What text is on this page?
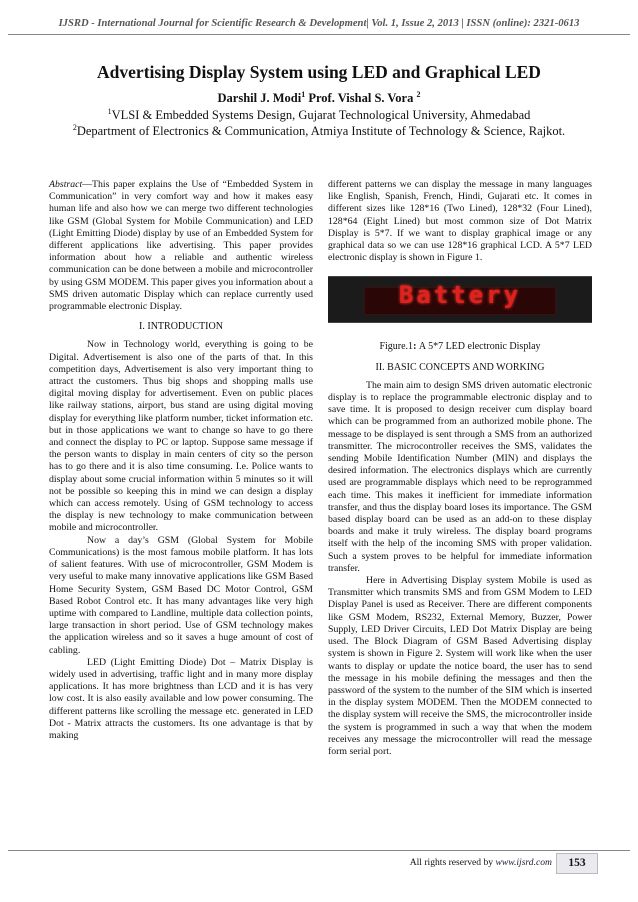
IJSRD - International Journal for Scientific Research & Development| Vol. 1, Issue 2, 2013 | ISSN (online): 2321-0613
Advertising Display System using LED and Graphical LED
Darshil J. Modi$^1$ Prof. Vishal S. Vora $^2$
$^1$VLSI & Embedded Systems Design, Gujarat Technological University, Ahmedabad
$^2$Department of Electronics & Communication, Atmiya Institute of Technology & Science, Rajkot.

Abstract—This paper explains the Use of “Embedded System in Communication” in very comfort way and how it makes easy human life and also how we can merge two different technologies like GSM (Global System for Mobile Communication) and LED (Light Emitting Diode) display by use of an Embedded System for different applications like advertising. This paper provides information about how a reliable and authentic wireless communication can be done between a mobile and microcontroller by using GSM MODEM. This paper gives you information about a SMS driven automatic Display which can replace currently used programmable electronic Display.

I. INTRODUCTION

Now in Technology world, everything is going to be Digital. Advertisement is also one of the parts of that. In this competition days, Advertisement is also very important thing to attract the customers. Thus big shops and shopping malls use digital moving display for advertisement. Even on public places like railway stations, airport, bus stand are using digital moving display for everything like platform number, ticket information etc. but in those applications we want to change so have to go there and connect the display to PC or laptop. Suppose same message if the person wants to display in main centers of city so the person has to go there and it is also time consuming. I.e. Police wants to display about some crucial information within 5 minutes so it will not be possible so keeping this in mind we can design a display which can access remotely. Using of GSM technology to access the display is new technology to make communication between mobile and microcontroller.

Now a day’s GSM (Global System for Mobile Communications) is the most famous mobile platform. It has lots of salient features. With use of microcontroller, GSM Modem is very useful to make many innovative applications like GSM Based Home Security System, GSM Based DC Motor Control, GSM Based Robot Control etc. It has many advantages like very high uptime with compared to Landline, multiple data collection points, large transaction in short period. Use of GSM technology makes the application wireless and so it saves a huge amount of cost of cabling.

LED (Light Emitting Diode) Dot – Matrix Display is widely used in advertising, traffic light and in many more display applications. It has more brightness than LCD and it is has very low cost. It is also easily available and low power consuming. The different patterns like scrolling the message etc. generated in LED Dot - Matrix attracts the customers. Its one advantage is that by making

different patterns we can display the message in many languages like English, Spanish, French, Hindi, Gujarati etc. It comes in different sizes like 128*16 (Two Lined), 128*32 (Four Lined), 128*64 (Eight Lined) but most common size of Dot Matrix Display is 5*7. If we want to display graphical image or any graphical data so we can use 128*16 graphical LCD. A 5*7 LED electronic display is shown in Figure 1.

Battery
Figure.1: A 5*7 LED electronic Display
II. BASIC CONCEPTS AND WORKING

The main aim to design SMS driven automatic electronic display is to replace the programmable electronic display and to save time. It is proposed to design receiver cum display board which can be programmed from an authorized mobile phone. The message to be displayed is sent through a SMS from an authorized transmitter. The microcontroller receives the SMS, validates the sending Mobile Identification Number (MIN) and displays the desired information. The electronics displays which are currently used are programmable displays which need to be reprogrammed each time. This makes it inefficient for immediate information transfer, and thus the display board loses its importance. The GSM based display board can be used as an add-on to these display boards and make it truly wireless. The display board programs itself with the help of the incoming SMS with proper validation. Such a system proves to be helpful for immediate information transfer.

Here in Advertising Display system Mobile is used as Transmitter which transmits SMS and from GSM Modem to LED Display Panel is used as Receiver. There are different components like GSM Modem, RS232, External Memory, Buzzer, Power Supply, LED Driver Circuits, LED Dot Matrix Display are being used. The Block Diagram of GSM Based Advertising display system is shown in Figure 2. System will work like when the user wants to display or update the notice board, the user has to send the message in his mobile defining the messages and then the password of the system to the number of the SIM which is inserted in the display system MODEM. Then the MODEM connected to the display system will receive the SMS, the microcontroller inside the system is programmed in such a way that when the modem receives any message the microcontroller will read the message form serial port.

All rights reserved by www.ijsrd.com	153
